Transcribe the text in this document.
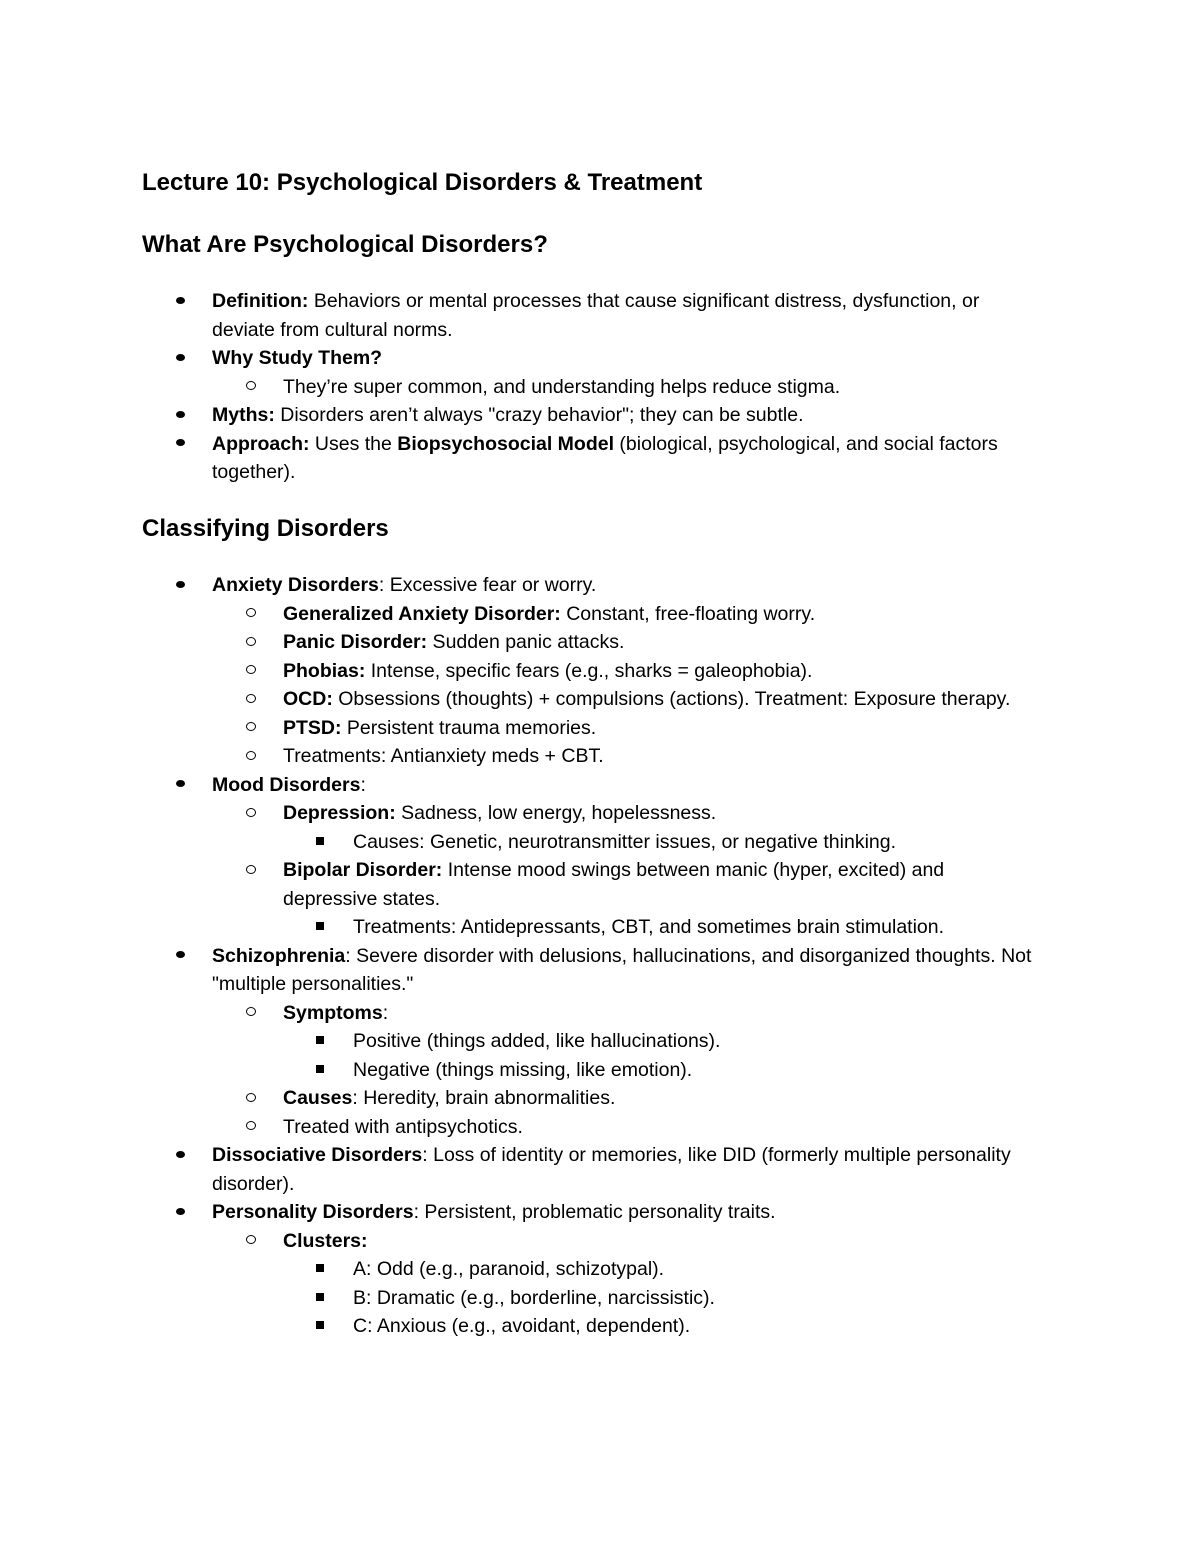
Lecture 10: Psychological Disorders & Treatment
What Are Psychological Disorders?
Definition: Behaviors or mental processes that cause significant distress, dysfunction, or deviate from cultural norms.
Why Study Them?
They’re super common, and understanding helps reduce stigma.
Myths: Disorders aren’t always "crazy behavior"; they can be subtle.
Approach: Uses the Biopsychosocial Model (biological, psychological, and social factors together).
Classifying Disorders
Anxiety Disorders: Excessive fear or worry.
Generalized Anxiety Disorder: Constant, free-floating worry.
Panic Disorder: Sudden panic attacks.
Phobias: Intense, specific fears (e.g., sharks = galeophobia).
OCD: Obsessions (thoughts) + compulsions (actions). Treatment: Exposure therapy.
PTSD: Persistent trauma memories.
Treatments: Antianxiety meds + CBT.
Mood Disorders:
Depression: Sadness, low energy, hopelessness.
Causes: Genetic, neurotransmitter issues, or negative thinking.
Bipolar Disorder: Intense mood swings between manic (hyper, excited) and depressive states.
Treatments: Antidepressants, CBT, and sometimes brain stimulation.
Schizophrenia: Severe disorder with delusions, hallucinations, and disorganized thoughts. Not "multiple personalities."
Symptoms:
Positive (things added, like hallucinations).
Negative (things missing, like emotion).
Causes: Heredity, brain abnormalities.
Treated with antipsychotics.
Dissociative Disorders: Loss of identity or memories, like DID (formerly multiple personality disorder).
Personality Disorders: Persistent, problematic personality traits.
Clusters:
A: Odd (e.g., paranoid, schizotypal).
B: Dramatic (e.g., borderline, narcissistic).
C: Anxious (e.g., avoidant, dependent).
